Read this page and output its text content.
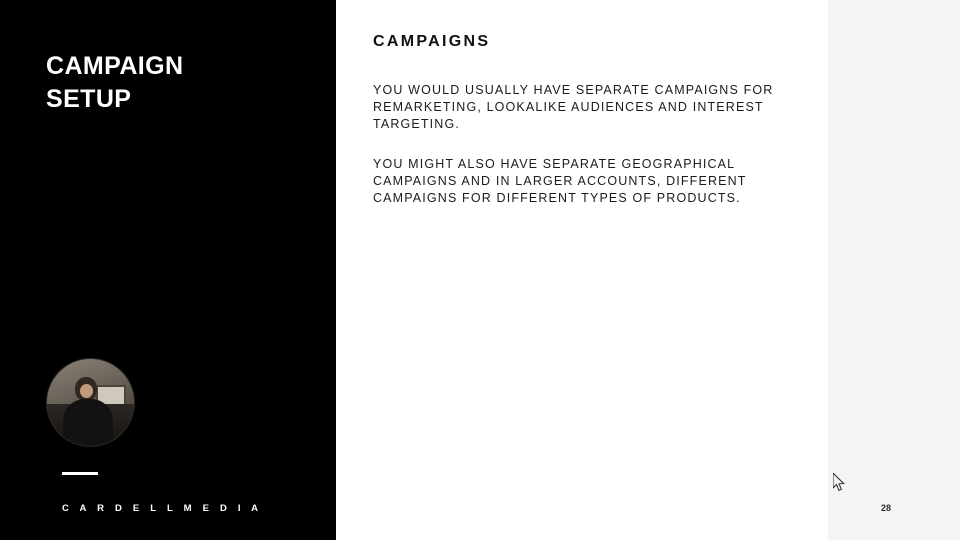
CAMPAIGN
SETUP
C A R D E L L M E D I A
CAMPAIGNS
YOU WOULD USUALLY HAVE SEPARATE CAMPAIGNS FOR REMARKETING, LOOKALIKE AUDIENCES AND INTEREST TARGETING.
YOU MIGHT ALSO HAVE SEPARATE GEOGRAPHICAL CAMPAIGNS AND IN LARGER ACCOUNTS, DIFFERENT CAMPAIGNS FOR DIFFERENT TYPES OF PRODUCTS.
28
